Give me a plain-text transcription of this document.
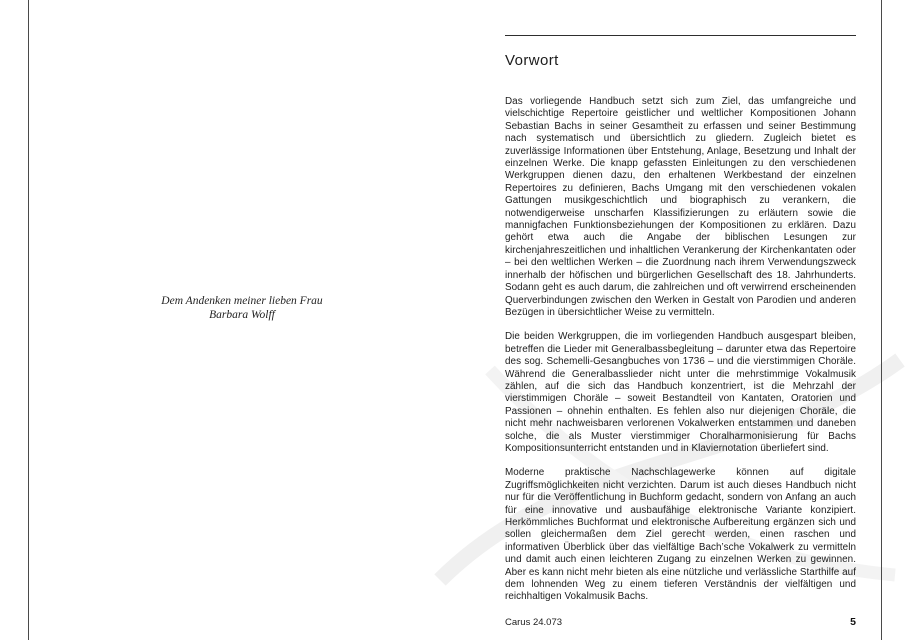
Dem Andenken meiner lieben Frau
Barbara Wolff
Vorwort

Das vorliegende Handbuch setzt sich zum Ziel, das umfangreiche und vielschichtige Repertoire geistlicher und weltlicher Kompositionen Johann Sebastian Bachs in seiner Gesamtheit zu erfassen und seiner Bestimmung nach systematisch und übersichtlich zu gliedern. Zugleich bietet es zuverlässige Informationen über Entstehung, Anlage, Besetzung und Inhalt der einzelnen Werke. Die knapp gefassten Einleitungen zu den verschiedenen Werkgruppen dienen dazu, den erhaltenen Werkbestand der einzelnen Repertoires zu definieren, Bachs Umgang mit den verschiedenen vokalen Gattungen musikgeschichtlich und biographisch zu verankern, die notwendigerweise unscharfen Klassifizierungen zu erläutern sowie die mannigfachen Funktionsbeziehungen der Kompositionen zu erklären. Dazu gehört etwa auch die Angabe der biblischen Lesungen zur kirchenjahreszeitlichen und inhaltlichen Verankerung der Kirchenkantaten oder – bei den weltlichen Werken – die Zuordnung nach ihrem Verwendungszweck innerhalb der höfischen und bürgerlichen Gesellschaft des 18. Jahrhunderts. Sodann geht es auch darum, die zahlreichen und oft verwirrend erscheinenden Querverbindungen zwischen den Werken in Gestalt von Parodien und anderen Bezügen in übersichtlicher Weise zu vermitteln.

Die beiden Werkgruppen, die im vorliegenden Handbuch ausgespart bleiben, betreffen die Lieder mit Generalbassbegleitung – darunter etwa das Repertoire des sog. Schemelli-Gesangbuches von 1736 – und die vierstimmigen Choräle. Während die Generalbasslieder nicht unter die mehrstimmige Vokalmusik zählen, auf die sich das Handbuch konzentriert, ist die Mehrzahl der vierstimmigen Choräle – soweit Bestandteil von Kantaten, Oratorien und Passionen – ohnehin enthalten. Es fehlen also nur diejenigen Choräle, die nicht mehr nachweisbaren verlorenen Vokalwerken entstammen und daneben solche, die als Muster vierstimmiger Choralharmonisierung für Bachs Kompositionsunterricht entstanden und in Klaviernotation überliefert sind.

Moderne praktische Nachschlagewerke können auf digitale Zugriffsmöglichkeiten nicht verzichten. Darum ist auch dieses Handbuch nicht nur für die Veröffentlichung in Buchform gedacht, sondern von Anfang an auch für eine innovative und ausbaufähige elektronische Variante konzipiert. Herkömmliches Buchformat und elektronische Aufbereitung ergänzen sich und sollen gleichermaßen dem Ziel gerecht werden, einen raschen und informativen Überblick über das vielfältige Bach’sche Vokalwerk zu vermitteln und damit auch einen leichteren Zugang zu einzelnen Werken zu gewinnen. Aber es kann nicht mehr bieten als eine nützliche und verlässliche Starthilfe auf dem lohnenden Weg zu einem tieferen Verständnis der vielfältigen und reichhaltigen Vokalmusik Bachs.

Carus 24.073	5
